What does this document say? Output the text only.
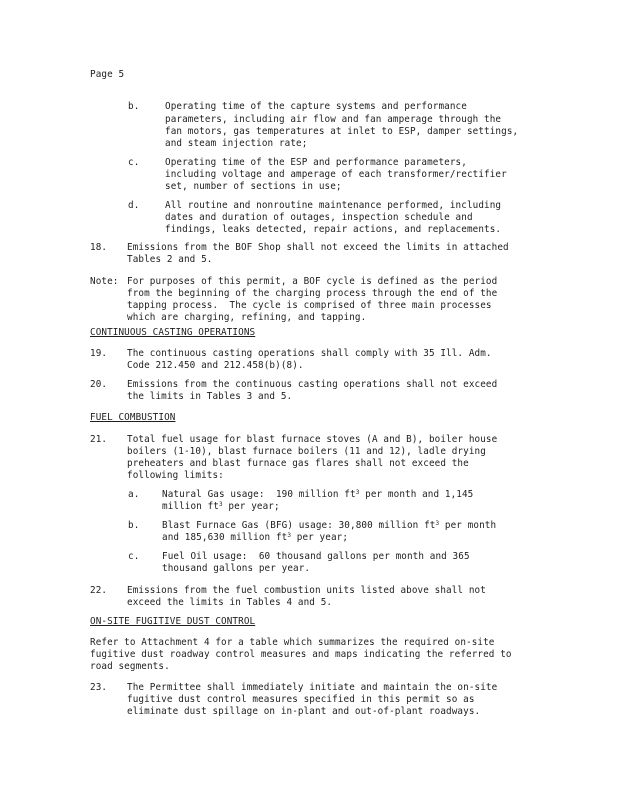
Page 5
b.	Operating time of the capture systems and performance
parameters, including air flow and fan amperage through the
fan motors, gas temperatures at inlet to ESP, damper settings,
and steam injection rate;
c.	Operating time of the ESP and performance parameters,
including voltage and amperage of each transformer/rectifier
set, number of sections in use;
d.	All routine and nonroutine maintenance performed, including
dates and duration of outages, inspection schedule and
findings, leaks detected, repair actions, and replacements.
18. Emissions from the BOF Shop shall not exceed the limits in attached
Tables 2 and 5.
Note: For purposes of this permit, a BOF cycle is defined as the period
from the beginning of the charging process through the end of the
tapping process.  The cycle is comprised of three main processes
which are charging, refining, and tapping.
CONTINUOUS CASTING OPERATIONS
19. The continuous casting operations shall comply with 35 Ill. Adm.
Code 212.450 and 212.458(b)(8).
20. Emissions from the continuous casting operations shall not exceed
the limits in Tables 3 and 5.
FUEL COMBUSTION
21. Total fuel usage for blast furnace stoves (A and B), boiler house
boilers (1-10), blast furnace boilers (11 and 12), ladle drying
preheaters and blast furnace gas flares shall not exceed the
following limits:
a. Natural Gas usage:  190 million $ft^3$ per month and 1,145
million $ft^3$ per year;
b. Blast Furnace Gas (BFG) usage: 30,800 million $ft^3$ per month
and 185,630 million $ft^3$ per year;
c. Fuel Oil usage:  60 thousand gallons per month and 365
thousand gallons per year.
22. Emissions from the fuel combustion units listed above shall not
exceed the limits in Tables 4 and 5.
ON-SITE FUGITIVE DUST CONTROL
Refer to Attachment 4 for a table which summarizes the required on-site
fugitive dust roadway control measures and maps indicating the referred to
road segments.
23. The Permittee shall immediately initiate and maintain the on-site
fugitive dust control measures specified in this permit so as
eliminate dust spillage on in-plant and out-of-plant roadways.
